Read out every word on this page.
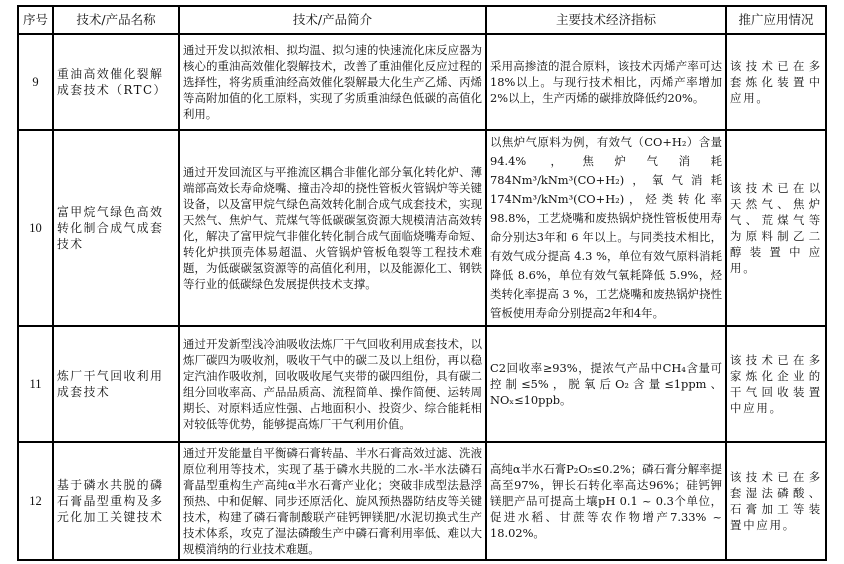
序号	技术/产品名称	技术/产品简介	主要技术经济指标	推广应用情况
9	重油高效催化裂解成套技术（RTC）	通过开发以拟浓相、拟均温、拟匀速的快速流化床反应器为核心的重油高效催化裂解技术，改善了重油催化反应过程的选择性，将劣质重油经高效催化裂解最大化生产乙烯、丙烯等高附加值的化工原料，实现了劣质重油绿色低碳的高值化利用。	采用高掺渣的混合原料，该技术丙烯产率可达18%以上。与现行技术相比，丙烯产率增加2%以上，生产丙烯的碳排放降低约20%。	该技术已在多套炼化装置中应用。
10	富甲烷气绿色高效转化制合成气成套技术	通过开发回流区与平推流区耦合非催化部分氧化转化炉、薄端部高效长寿命烧嘴、撞击冷却的挠性管板火管锅炉等关键设备，以及富甲烷气绿色高效转化制合成气成套技术，实现天然气、焦炉气、荒煤气等低碳碳氢资源大规模清洁高效转化，解决了富甲烷气非催化转化制合成气面临烧嘴寿命短、转化炉拱顶壳体易超温、火管锅炉管板龟裂等工程技术难题，为低碳碳氢资源等的高值化利用，以及能源化工、钢铁等行业的低碳绿色发展提供技术支撑。	以焦炉气原料为例，有效气（CO+H₂）含量 94.4% ，焦炉气消耗 784Nm³/kNm³(CO+H₂)，氧气消耗 174Nm³/kNm³(CO+H₂)，烃类转化率 98.8%，工艺烧嘴和废热锅炉挠性管板使用寿命分别达3年和 6 年以上。与同类技术相比，有效气成分提高 4.3 %，单位有效气原料消耗降低 8.6%，单位有效气氧耗降低 5.9%，烃类转化率提高 3 %，工艺烧嘴和废热锅炉挠性管板使用寿命分别提高2年和4年。	该技术已在以天然气、焦炉气、荒煤气等为原料制乙二醇装置中应用。
11	炼厂干气回收利用成套技术	通过开发新型浅冷油吸收法炼厂干气回收利用成套技术，以炼厂碳四为吸收剂，吸收干气中的碳二及以上组份，再以稳定汽油作吸收剂，回收吸收尾气夹带的碳四组份，具有碳二组分回收率高、产品品质高、流程简单、操作简便、运转周期长、对原料适应性强、占地面积小、投资少、综合能耗相对较低等优势，能够提高炼厂干气利用价值。	C2回收率≥93%，提浓气产品中CH₄含量可控制≤5%，脱氧后O₂含量≤1ppm、NOₓ≤10ppb。	该技术已在多家炼化企业的干气回收装置中应用。
12	基于磷水共脱的磷石膏晶型重构及多元化加工关键技术	通过开发能量自平衡磷石膏转晶、半水石膏高效过滤、洗液原位利用等技术，实现了基于磷水共脱的二水-半水法磷石膏晶型重构生产高纯α半水石膏产业化；突破非成型法悬浮预热、中和促解、同步还原活化、旋风预热器防结皮等关键技术，构建了磷石膏制酸联产硅钙钾镁肥/水泥切换式生产技术体系，攻克了湿法磷酸生产中磷石膏利用率低、难以大规模消纳的行业技术难题。	高纯α半水石膏P₂O₅≤0.2%；磷石膏分解率提高至97%，钾长石转化率高达96%；硅钙钾镁肥产品可提高土壤pH 0.1 ~ 0.3个单位，促进水稻、甘蔗等农作物增产7.33% ~ 18.02%。	该技术已在多套湿法磷酸、石膏加工等装置中应用。
